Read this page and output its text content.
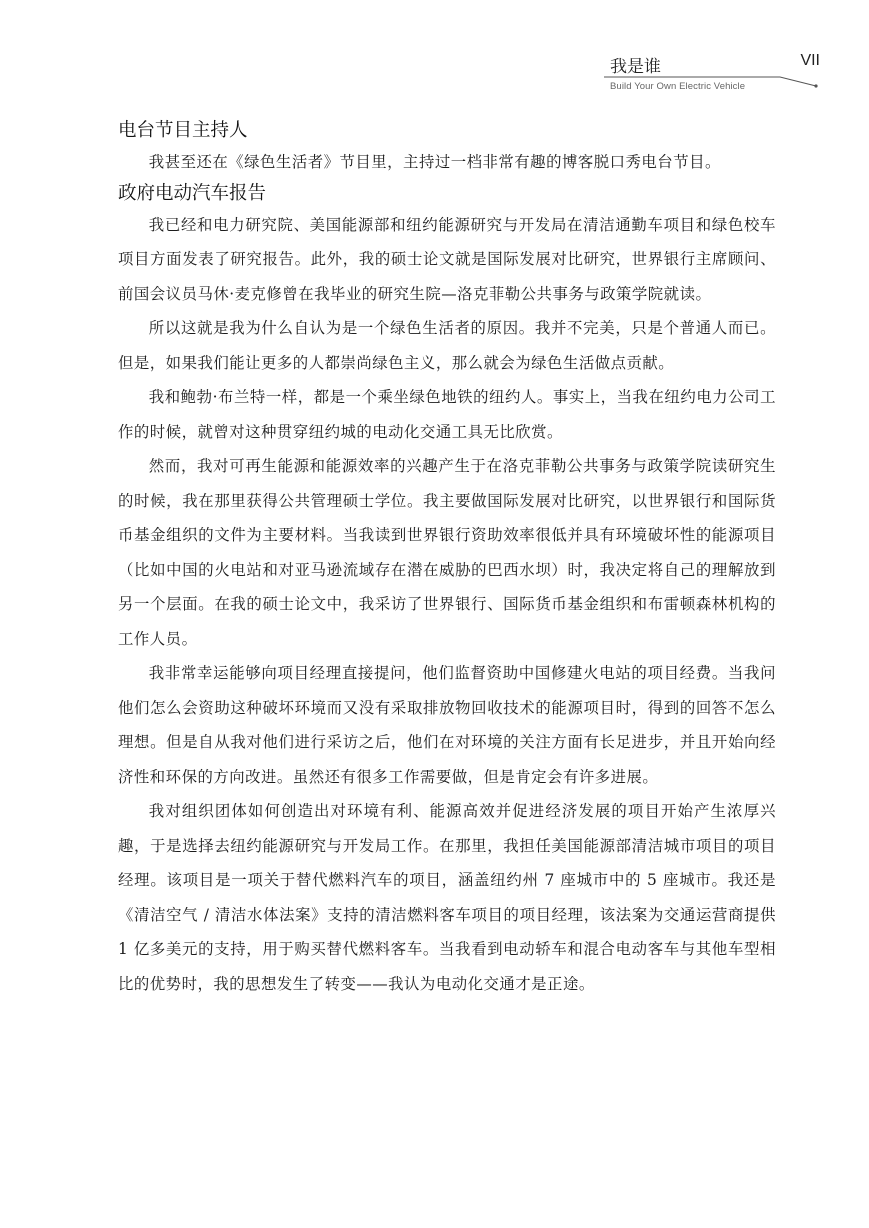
我是谁	VII
Build Your Own Electric Vehicle
电台节目主持人

我甚至还在《绿色生活者》节目里，主持过一档非常有趣的博客脱口秀电台节目。

政府电动汽车报告

我已经和电力研究院、美国能源部和纽约能源研究与开发局在清洁通勤车项目和绿色校车项目方面发表了研究报告。此外，我的硕士论文就是国际发展对比研究，世界银行主席顾问、前国会议员马休·麦克修曾在我毕业的研究生院—洛克菲勒公共事务与政策学院就读。

所以这就是我为什么自认为是一个绿色生活者的原因。我并不完美，只是个普通人而已。但是，如果我们能让更多的人都崇尚绿色主义，那么就会为绿色生活做点贡献。

我和鲍勃·布兰特一样，都是一个乘坐绿色地铁的纽约人。事实上，当我在纽约电力公司工作的时候，就曾对这种贯穿纽约城的电动化交通工具无比欣赏。

然而，我对可再生能源和能源效率的兴趣产生于在洛克菲勒公共事务与政策学院读研究生的时候，我在那里获得公共管理硕士学位。我主要做国际发展对比研究，以世界银行和国际货币基金组织的文件为主要材料。当我读到世界银行资助效率很低并具有环境破坏性的能源项目（比如中国的火电站和对亚马逊流域存在潜在威胁的巴西水坝）时，我决定将自己的理解放到另一个层面。在我的硕士论文中，我采访了世界银行、国际货币基金组织和布雷顿森林机构的工作人员。

我非常幸运能够向项目经理直接提问，他们监督资助中国修建火电站的项目经费。当我问他们怎么会资助这种破坏环境而又没有采取排放物回收技术的能源项目时，得到的回答不怎么理想。但是自从我对他们进行采访之后，他们在对环境的关注方面有长足进步，并且开始向经济性和环保的方向改进。虽然还有很多工作需要做，但是肯定会有许多进展。

我对组织团体如何创造出对环境有利、能源高效并促进经济发展的项目开始产生浓厚兴趣，于是选择去纽约能源研究与开发局工作。在那里，我担任美国能源部清洁城市项目的项目经理。该项目是一项关于替代燃料汽车的项目，涵盖纽约州 7 座城市中的 5 座城市。我还是《清洁空气 / 清洁水体法案》支持的清洁燃料客车项目的项目经理，该法案为交通运营商提供 1 亿多美元的支持，用于购买替代燃料客车。当我看到电动轿车和混合电动客车与其他车型相比的优势时，我的思想发生了转变——我认为电动化交通才是正途。
